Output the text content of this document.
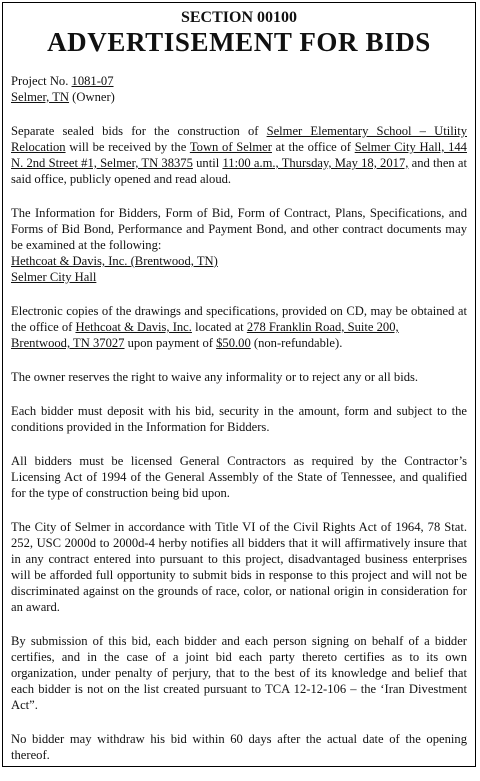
SECTION 00100
ADVERTISEMENT FOR BIDS

Project No. 1081-07
Selmer, TN (Owner)

Separate sealed bids for the construction of Selmer Elementary School – Utility Relocation will be received by the Town of Selmer at the office of Selmer City Hall, 144 N. 2nd Street #1, Selmer, TN 38375 until 11:00 a.m., Thursday, May 18, 2017, and then at said office, publicly opened and read aloud.

The Information for Bidders, Form of Bid, Form of Contract, Plans, Specifications, and Forms of Bid Bond, Performance and Payment Bond, and other contract documents may be examined at the following:
Hethcoat & Davis, Inc. (Brentwood, TN)
Selmer City Hall

Electronic copies of the drawings and specifications, provided on CD, may be obtained at the office of Hethcoat & Davis, Inc. located at 278 Franklin Road, Suite 200,
Brentwood, TN 37027 upon payment of $50.00 (non-refundable).

The owner reserves the right to waive any informality or to reject any or all bids.

Each bidder must deposit with his bid, security in the amount, form and subject to the conditions provided in the Information for Bidders.

All bidders must be licensed General Contractors as required by the Contractor’s Licensing Act of 1994 of the General Assembly of the State of Tennessee, and qualified for the type of construction being bid upon.

The City of Selmer in accordance with Title VI of the Civil Rights Act of 1964, 78 Stat. 252, USC 2000d to 2000d-4 herby notifies all bidders that it will affirmatively insure that in any contract entered into pursuant to this project, disadvantaged business enterprises will be afforded full opportunity to submit bids in response to this project and will not be discriminated against on the grounds of race, color, or national origin in consideration for an award.

By submission of this bid, each bidder and each person signing on behalf of a bidder certifies, and in the case of a joint bid each party thereto certifies as to its own organization, under penalty of perjury, that to the best of its knowledge and belief that each bidder is not on the list created pursuant to TCA 12-12-106 – the ‘Iran Divestment Act”.

No bidder may withdraw his bid within 60 days after the actual date of the opening thereof.
